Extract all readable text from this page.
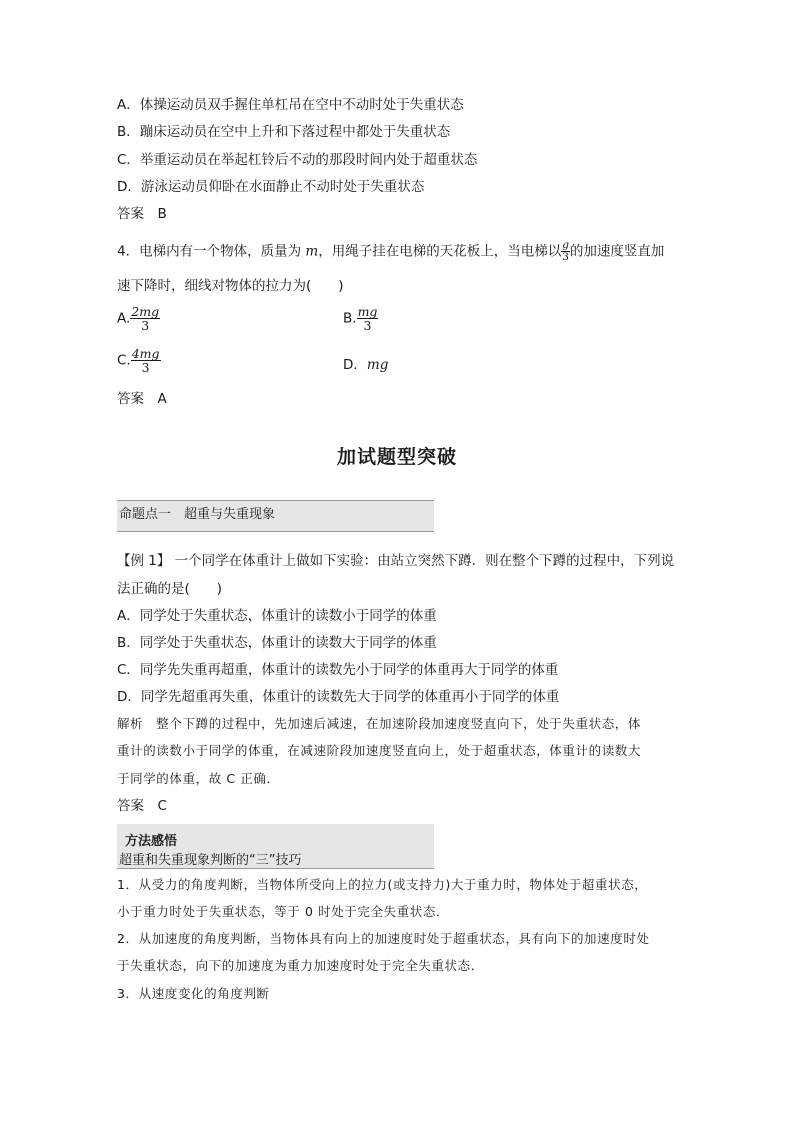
A．体操运动员双手握住单杠吊在空中不动时处于失重状态
B．蹦床运动员在空中上升和下落过程中都处于失重状态
C．举重运动员在举起杠铃后不动的那段时间内处于超重状态
D．游泳运动员仰卧在水面静止不动时处于失重状态
答案　B
4．电梯内有一个物体，质量为 m，用绳子挂在电梯的天花板上，当电梯以 $\frac{g}{3}$ 的加速度竖直加
速下降时，细线对物体的拉力为(　　)
A. $\frac{2mg}{3}$	B. $\frac{mg}{3}$
C. $\frac{4mg}{3}$	D．mg
答案　A
加试题型突破
命题点一　超重与失重现象
【例 1】 一个同学在体重计上做如下实验：由站立突然下蹲．则在整个下蹲的过程中，下列说
法正确的是(　　)
A．同学处于失重状态，体重计的读数小于同学的体重
B．同学处于失重状态，体重计的读数大于同学的体重
C．同学先失重再超重，体重计的读数先小于同学的体重再大于同学的体重
D．同学先超重再失重，体重计的读数先大于同学的体重再小于同学的体重
解析　整个下蹲的过程中，先加速后减速，在加速阶段加速度竖直向下，处于失重状态，体
重计的读数小于同学的体重，在减速阶段加速度竖直向上，处于超重状态，体重计的读数大
于同学的体重，故 C 正确．
答案　C
方法感悟
超重和失重现象判断的“三”技巧
1．从受力的角度判断，当物体所受向上的拉力(或支持力)大于重力时，物体处于超重状态，
小于重力时处于失重状态，等于 0 时处于完全失重状态．
2．从加速度的角度判断，当物体具有向上的加速度时处于超重状态，具有向下的加速度时处
于失重状态，向下的加速度为重力加速度时处于完全失重状态．
3．从速度变化的角度判断
